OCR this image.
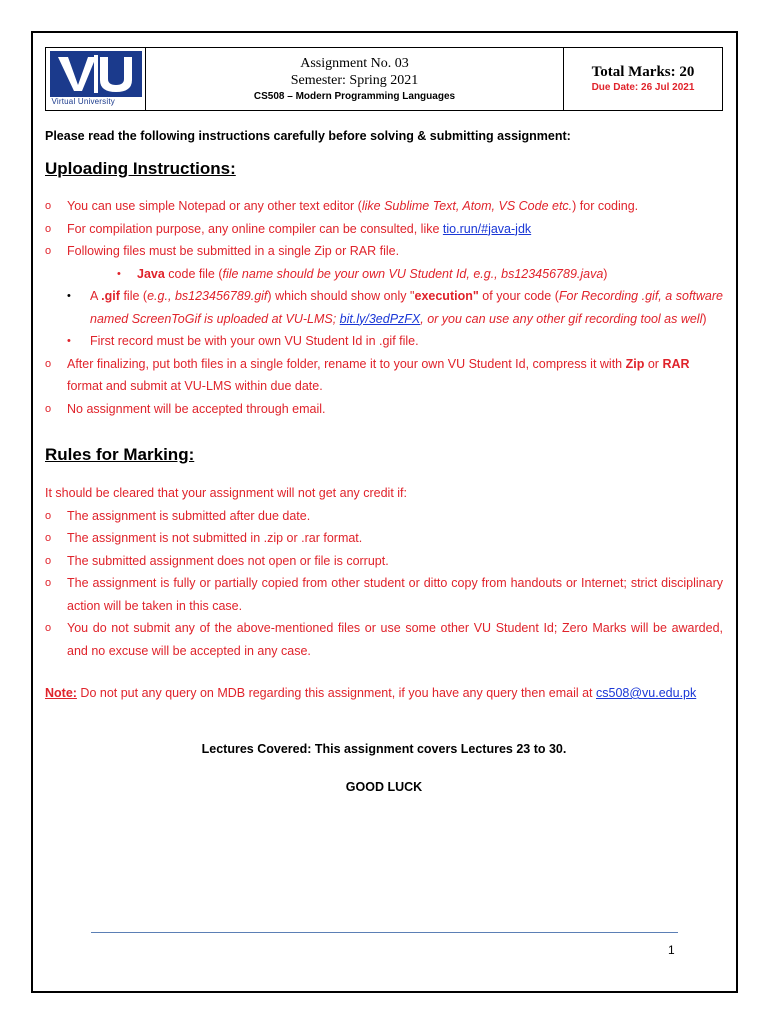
Virtual University
Assignment No. 03
Semester: Spring 2021
CS508 – Modern Programming Languages
Total Marks: 20
Due Date: 26 Jul 2021
Please read the following instructions carefully before solving & submitting assignment:
Uploading Instructions:
o You can use simple Notepad or any other text editor (like Sublime Text, Atom, VS Code etc.) for coding.
o For compilation purpose, any online compiler can be consulted, like tio.run/#java-jdk
o Following files must be submitted in a single Zip or RAR file.
• Java code file (file name should be your own VU Student Id, e.g., bs123456789.java)
• A .gif file (e.g., bs123456789.gif) which should show only "execution" of your code (For Recording .gif, a software named ScreenToGif is uploaded at VU-LMS; bit.ly/3edPzFX, or you can use any other gif recording tool as well)
• First record must be with your own VU Student Id in .gif file.
o After finalizing, put both files in a single folder, rename it to your own VU Student Id, compress it with Zip or RAR format and submit at VU-LMS within due date.
o No assignment will be accepted through email.
Rules for Marking:
It should be cleared that your assignment will not get any credit if:
o The assignment is submitted after due date.
o The assignment is not submitted in .zip or .rar format.
o The submitted assignment does not open or file is corrupt.
o The assignment is fully or partially copied from other student or ditto copy from handouts or Internet; strict disciplinary action will be taken in this case.
o You do not submit any of the above-mentioned files or use some other VU Student Id; Zero Marks will be awarded, and no excuse will be accepted in any case.
Note: Do not put any query on MDB regarding this assignment, if you have any query then email at cs508@vu.edu.pk
Lectures Covered: This assignment covers Lectures 23 to 30.
GOOD LUCK
1
